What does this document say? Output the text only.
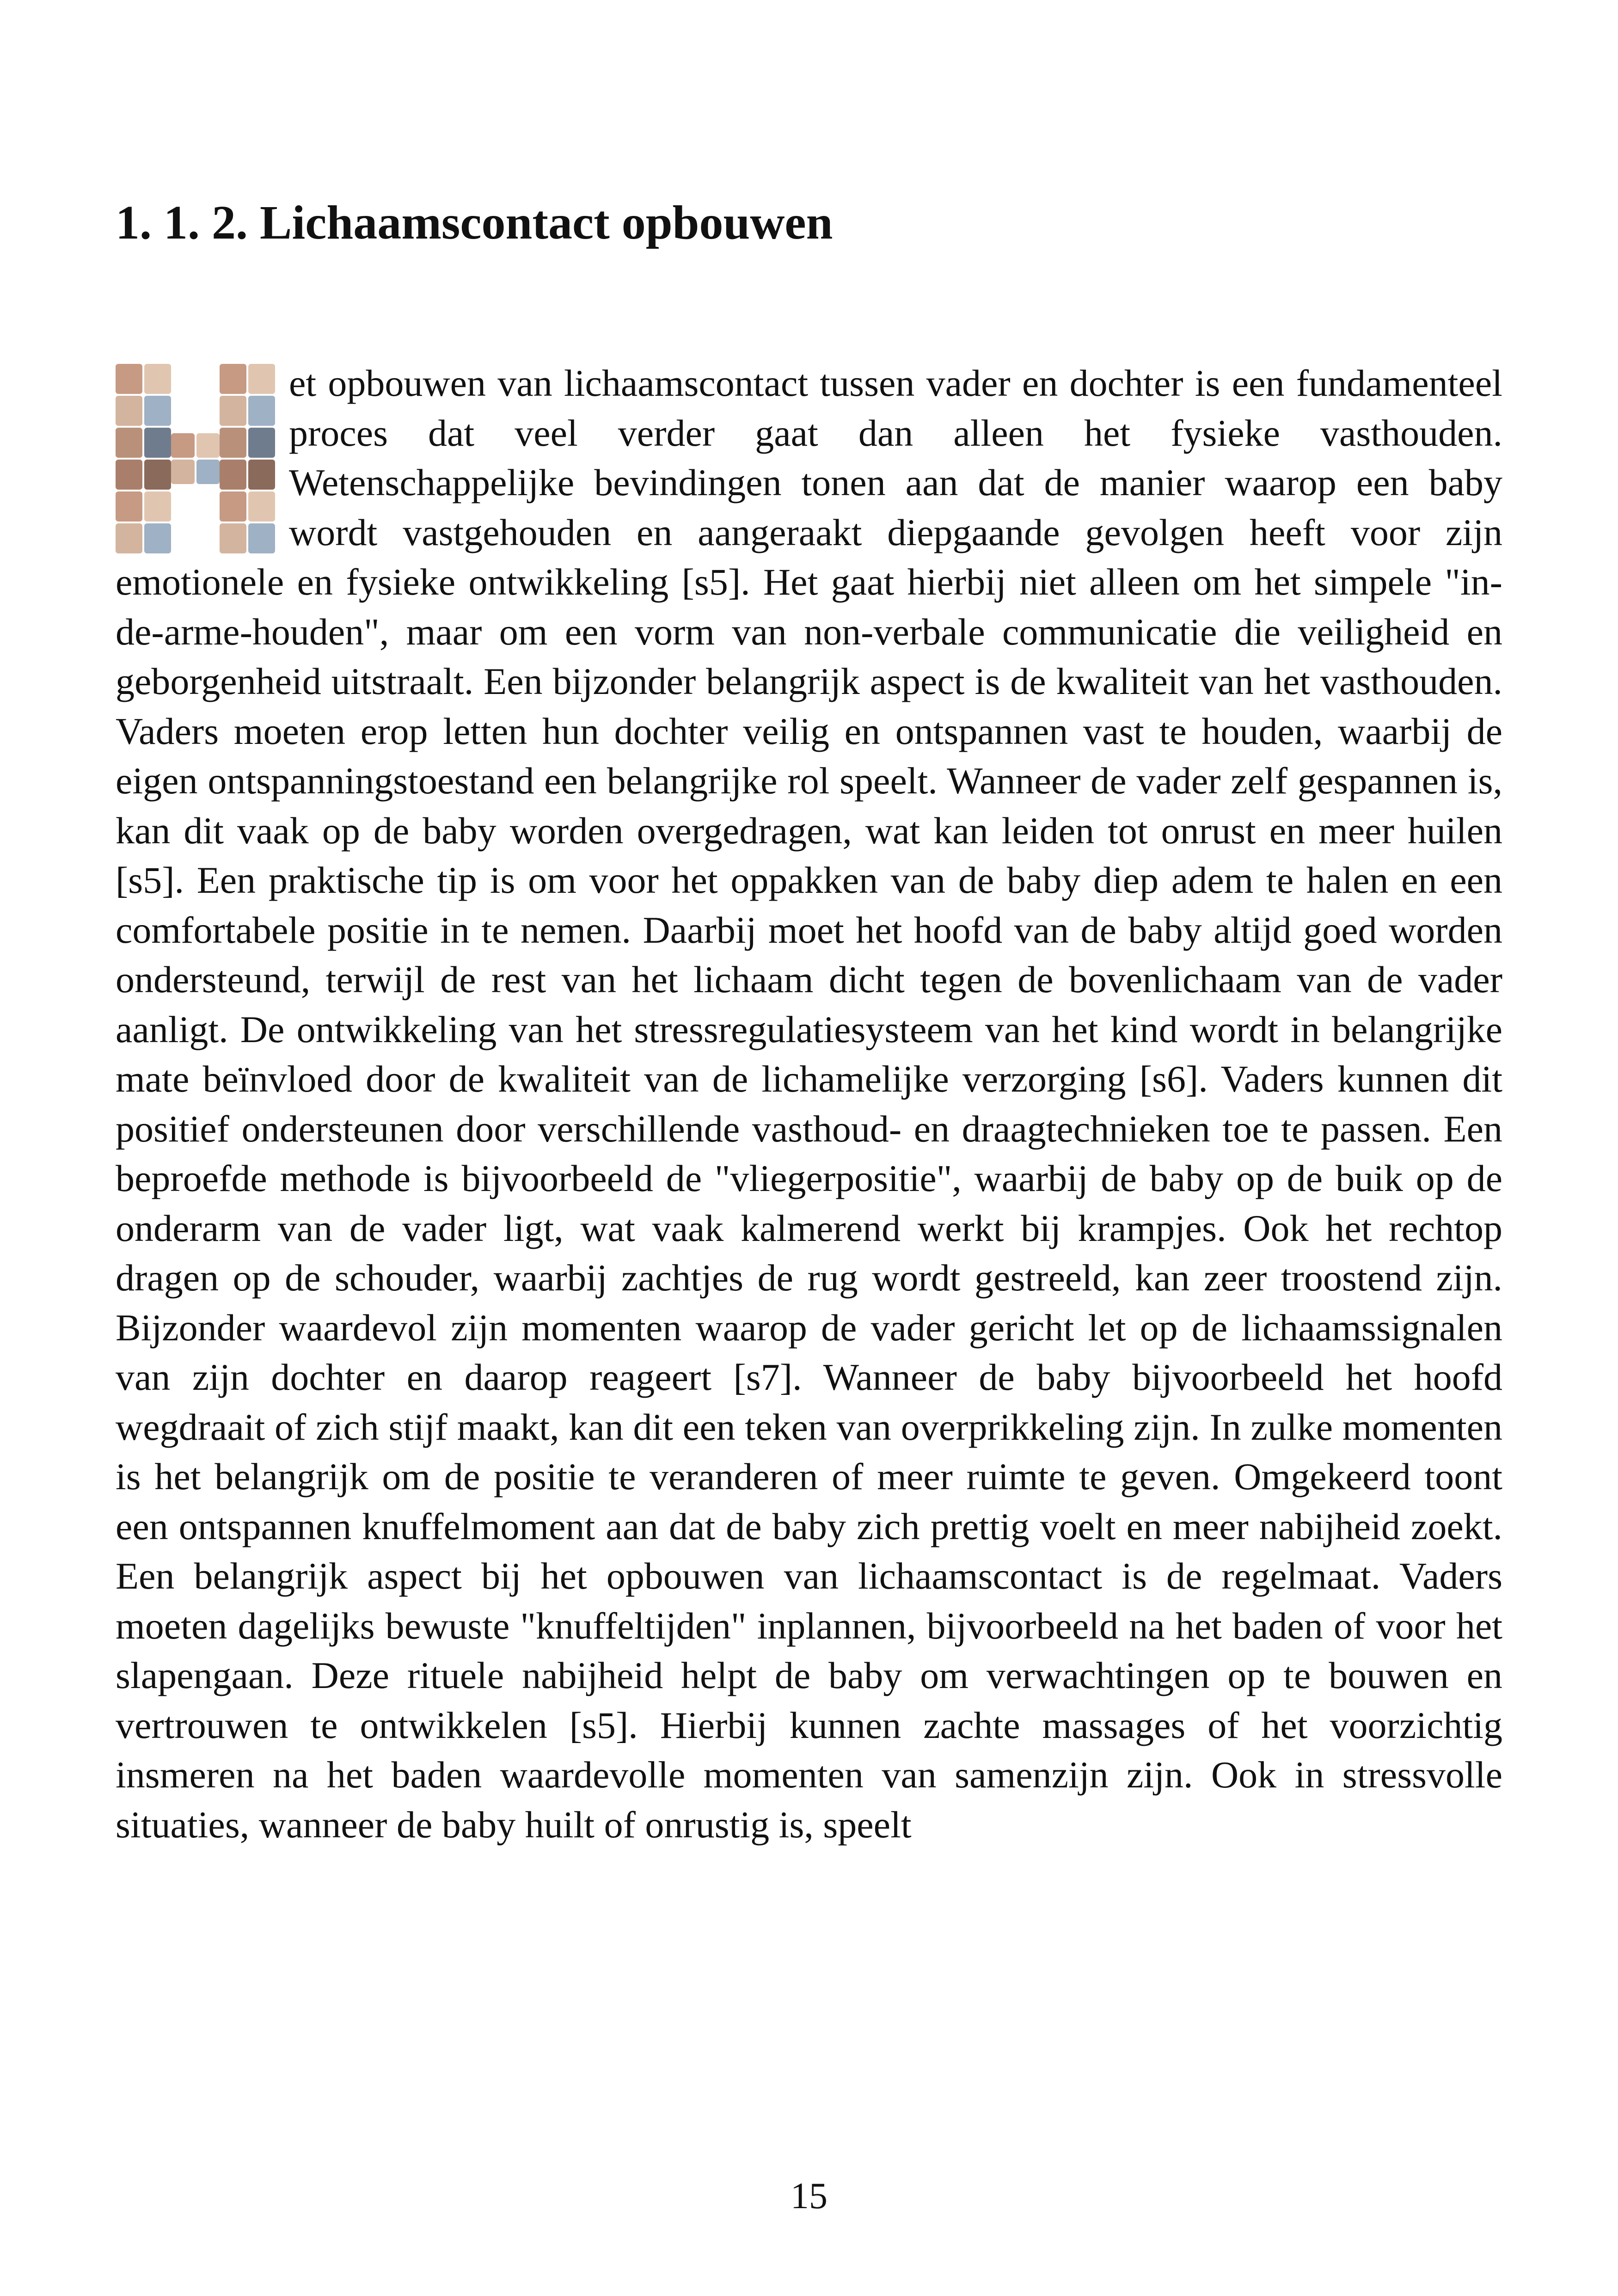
1. 1. 2. Lichaamscontact opbouwen

et opbouwen van lichaamscontact tussen vader en dochter is een fundamenteel proces dat veel verder gaat dan alleen het fysieke vasthouden. Wetenschappelijke bevindingen tonen aan dat de manier waarop een baby wordt vastgehouden en aangeraakt diepgaande gevolgen heeft voor zijn emotionele en fysieke ontwikkeling [s5]. Het gaat hierbij niet alleen om het simpele "in-de-arme-houden", maar om een vorm van non-verbale communicatie die veiligheid en geborgenheid uitstraalt. Een bijzonder belangrijk aspect is de kwaliteit van het vasthouden. Vaders moeten erop letten hun dochter veilig en ontspannen vast te houden, waarbij de eigen ontspanningstoestand een belangrijke rol speelt. Wanneer de vader zelf gespannen is, kan dit vaak op de baby worden overgedragen, wat kan leiden tot onrust en meer huilen [s5]. Een praktische tip is om voor het oppakken van de baby diep adem te halen en een comfortabele positie in te nemen. Daarbij moet het hoofd van de baby altijd goed worden ondersteund, terwijl de rest van het lichaam dicht tegen de bovenlichaam van de vader aanligt. De ontwikkeling van het stressregulatiesysteem van het kind wordt in belangrijke mate beïnvloed door de kwaliteit van de lichamelijke verzorging [s6]. Vaders kunnen dit positief ondersteunen door verschillende vasthoud- en draagtechnieken toe te passen. Een beproefde methode is bijvoorbeeld de "vliegerpositie", waarbij de baby op de buik op de onderarm van de vader ligt, wat vaak kalmerend werkt bij krampjes. Ook het rechtop dragen op de schouder, waarbij zachtjes de rug wordt gestreeld, kan zeer troostend zijn. Bijzonder waardevol zijn momenten waarop de vader gericht let op de lichaamssignalen van zijn dochter en daarop reageert [s7]. Wanneer de baby bijvoorbeeld het hoofd wegdraait of zich stijf maakt, kan dit een teken van overprikkeling zijn. In zulke momenten is het belangrijk om de positie te veranderen of meer ruimte te geven. Omgekeerd toont een ontspannen knuffelmoment aan dat de baby zich prettig voelt en meer nabijheid zoekt. Een belangrijk aspect bij het opbouwen van lichaamscontact is de regelmaat. Vaders moeten dagelijks bewuste "knuffeltijden" inplannen, bijvoorbeeld na het baden of voor het slapengaan. Deze rituele nabijheid helpt de baby om verwachtingen op te bouwen en vertrouwen te ontwikkelen [s5]. Hierbij kunnen zachte massages of het voorzichtig insmeren na het baden waardevolle momenten van samenzijn zijn. Ook in stressvolle situaties, wanneer de baby huilt of onrustig is, speelt

15
